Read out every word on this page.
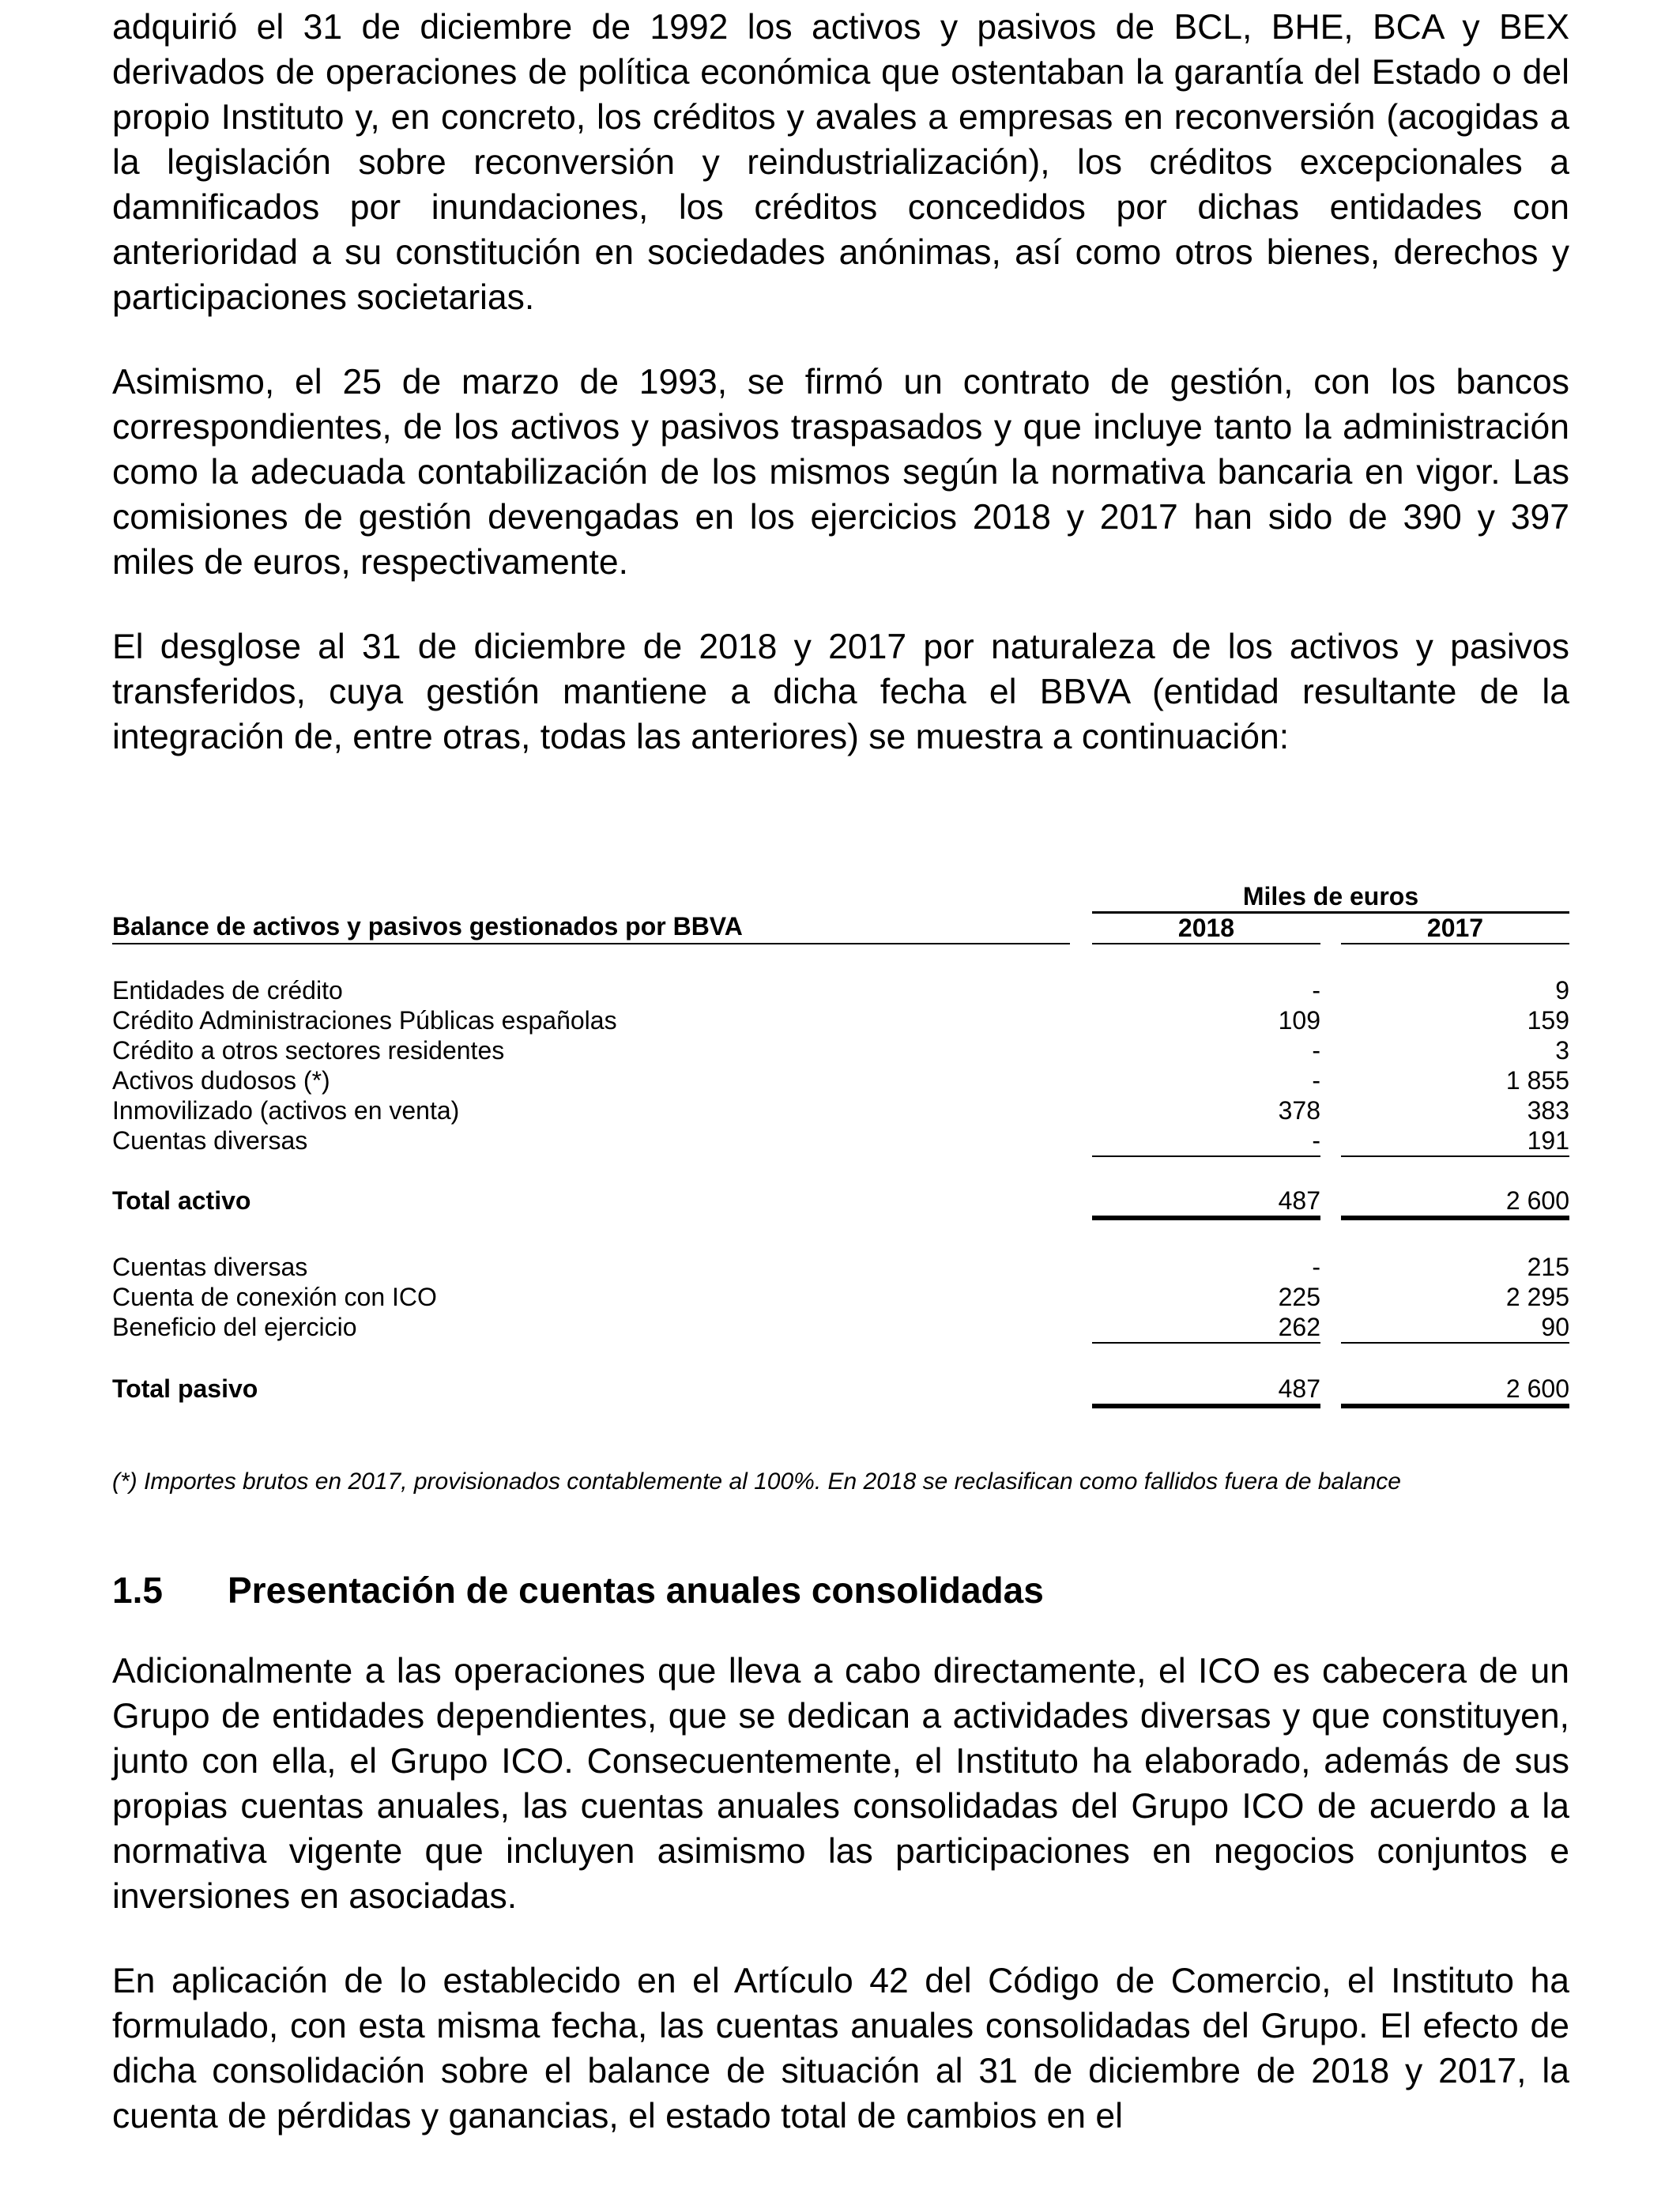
adquirió el 31 de diciembre de 1992 los activos y pasivos de BCL, BHE, BCA y BEX derivados de operaciones de política económica que ostentaban la garantía del Estado o del propio Instituto y, en concreto, los créditos y avales a empresas en reconversión (acogidas a la legislación sobre reconversión y reindustrialización), los créditos excepcionales a damnificados por inundaciones, los créditos concedidos por dichas entidades con anterioridad a su constitución en sociedades anónimas, así como otros bienes, derechos y participaciones societarias.

Asimismo, el 25 de marzo de 1993, se firmó un contrato de gestión, con los bancos correspondientes, de los activos y pasivos traspasados y que incluye tanto la administración como la adecuada contabilización de los mismos según la normativa bancaria en vigor. Las comisiones de gestión devengadas en los ejercicios 2018 y 2017 han sido de 390 y 397 miles de euros, respectivamente.

El desglose al 31 de diciembre de 2018 y 2017 por naturaleza de los activos y pasivos transferidos, cuya gestión mantiene a dicha fecha el BBVA (entidad resultante de la integración de, entre otras, todas las anteriores) se muestra a continuación:

Miles de euros
Balance de activos y pasivos gestionados por BBVA	2018	2017
Entidades de crédito	-	9
Crédito Administraciones Públicas españolas	109	159
Crédito a otros sectores residentes	-	3
Activos dudosos (*)	-	1 855
Inmovilizado (activos en venta)	378	383
Cuentas diversas	-	191
Total activo	487	2 600
Cuentas diversas	-	215
Cuenta de conexión con ICO	225	2 295
Beneficio del ejercicio	262	90
Total pasivo	487	2 600
(*) Importes brutos en 2017, provisionados contablemente al 100%. En 2018 se reclasifican como fallidos fuera de balance
1.5 Presentación de cuentas anuales consolidadas

Adicionalmente a las operaciones que lleva a cabo directamente, el ICO es cabecera de un Grupo de entidades dependientes, que se dedican a actividades diversas y que constituyen, junto con ella, el Grupo ICO. Consecuentemente, el Instituto ha elaborado, además de sus propias cuentas anuales, las cuentas anuales consolidadas del Grupo ICO de acuerdo a la normativa vigente que incluyen asimismo las participaciones en negocios conjuntos e inversiones en asociadas.

En aplicación de lo establecido en el Artículo 42 del Código de Comercio, el Instituto ha formulado, con esta misma fecha, las cuentas anuales consolidadas del Grupo. El efecto de dicha consolidación sobre el balance de situación al 31 de diciembre de 2018 y 2017, la cuenta de pérdidas y ganancias, el estado total de cambios en el
